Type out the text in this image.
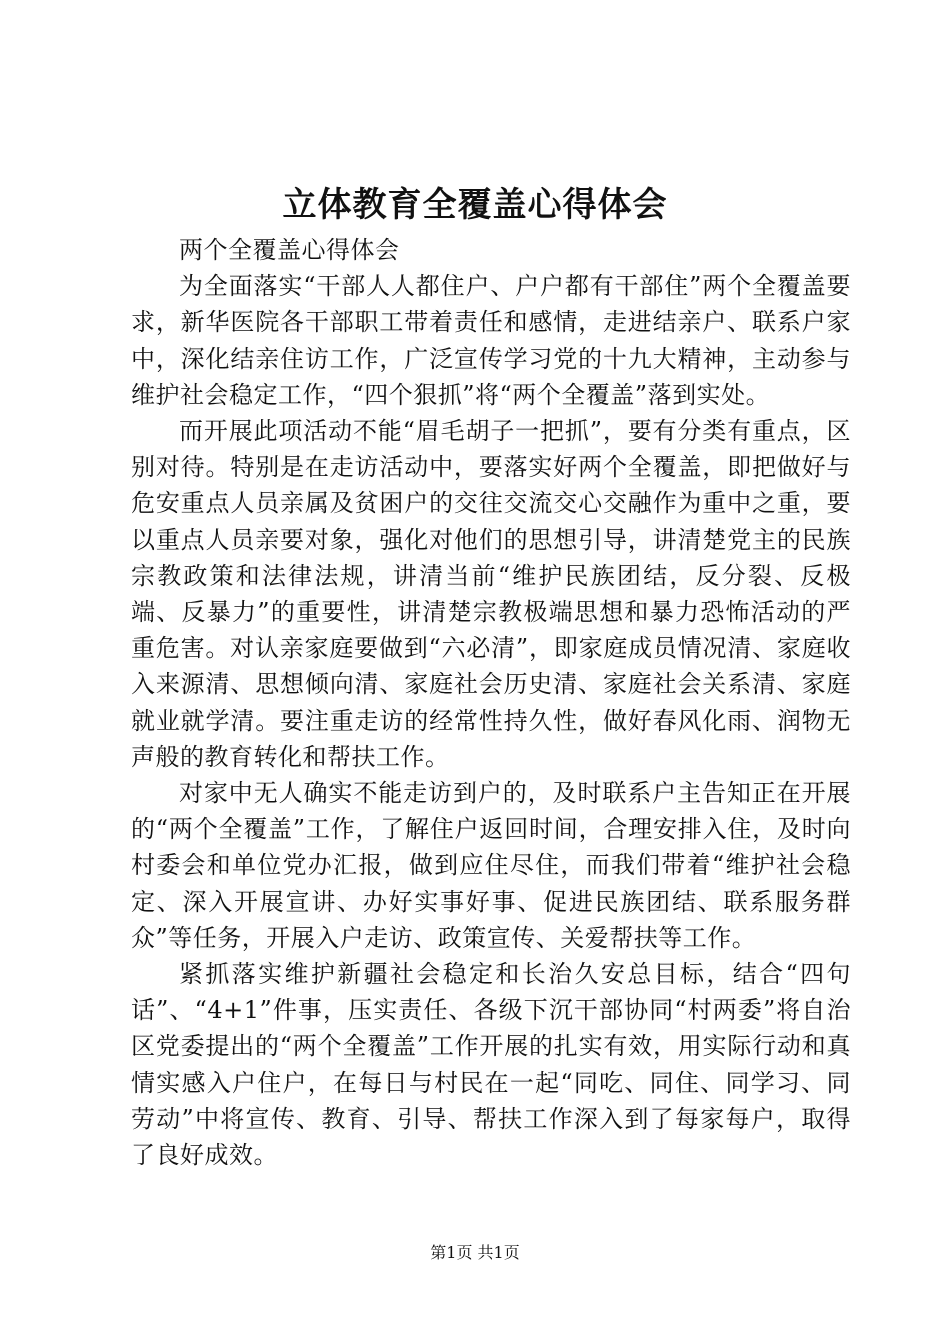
立体教育全覆盖心得体会

两个全覆盖心得体会

为全面落实“干部人人都住户、户户都有干部住”两个全覆盖要求，新华医院各干部职工带着责任和感情，走进结亲户、联系户家中，深化结亲住访工作，广泛宣传学习党的十九大精神，主动参与维护社会稳定工作，“四个狠抓”将“两个全覆盖”落到实处。

而开展此项活动不能“眉毛胡子一把抓”，要有分类有重点，区别对待。特别是在走访活动中，要落实好两个全覆盖，即把做好与危安重点人员亲属及贫困户的交往交流交心交融作为重中之重，要以重点人员亲要对象，强化对他们的思想引导，讲清楚党主的民族宗教政策和法律法规，讲清当前“维护民族团结，反分裂、反极端、反暴力”的重要性，讲清楚宗教极端思想和暴力恐怖活动的严重危害。对认亲家庭要做到“六必清”，即家庭成员情况清、家庭收入来源清、思想倾向清、家庭社会历史清、家庭社会关系清、家庭就业就学清。要注重走访的经常性持久性，做好春风化雨、润物无声般的教育转化和帮扶工作。

对家中无人确实不能走访到户的，及时联系户主告知正在开展的“两个全覆盖”工作，了解住户返回时间，合理安排入住，及时向村委会和单位党办汇报，做到应住尽住，而我们带着“维护社会稳定、深入开展宣讲、办好实事好事、促进民族团结、联系服务群众”等任务，开展入户走访、政策宣传、关爱帮扶等工作。

紧抓落实维护新疆社会稳定和长治久安总目标，结合“四句话”、“4+1”件事，压实责任、各级下沉干部协同“村两委”将自治区党委提出的“两个全覆盖”工作开展的扎实有效，用实际行动和真情实感入户住户，在每日与村民在一起“同吃、同住、同学习、同劳动”中将宣传、教育、引导、帮扶工作深入到了每家每户，取得了良好成效。

第1页 共1页
